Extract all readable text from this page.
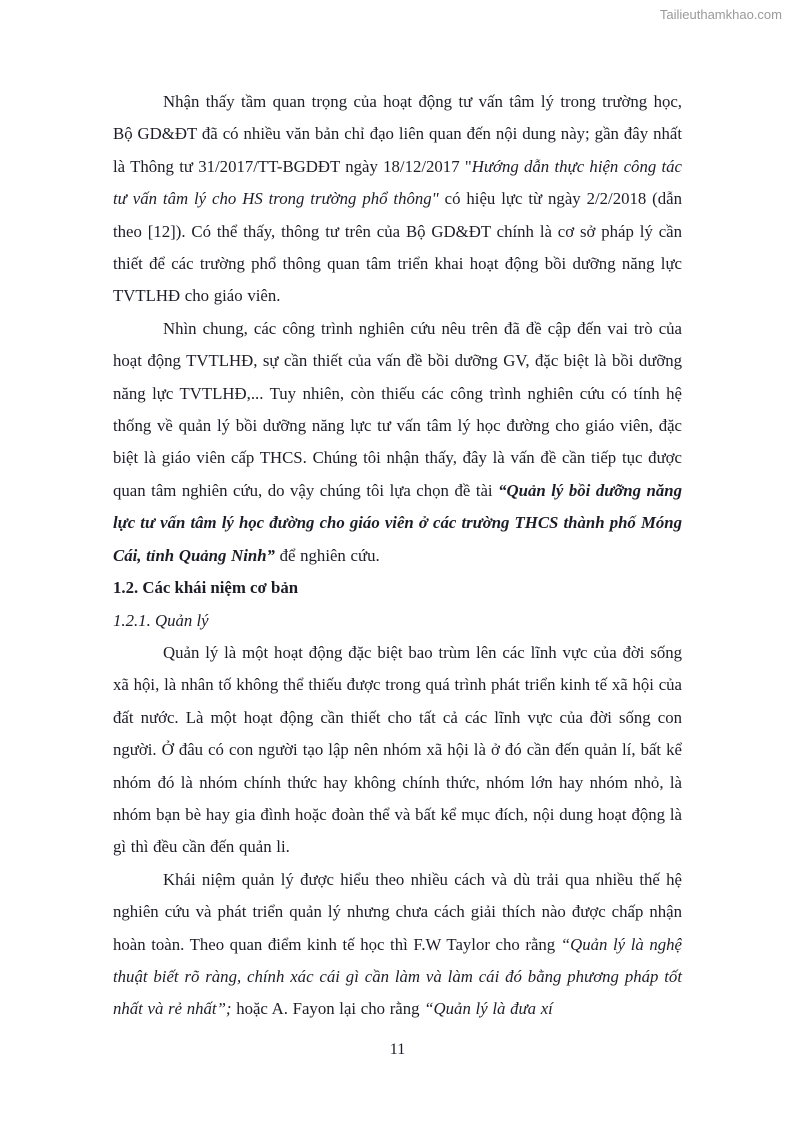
Tailieuthamkhao.com

Nhận thấy tầm quan trọng của hoạt động tư vấn tâm lý trong trường học, Bộ GD&ĐT đã có nhiều văn bản chỉ đạo liên quan đến nội dung này; gần đây nhất là Thông tư 31/2017/TT-BGDĐT ngày 18/12/2017 "Hướng dẫn thực hiện công tác tư vấn tâm lý cho HS trong trường phổ thông" có hiệu lực từ ngày 2/2/2018 (dẫn theo [12]). Có thể thấy, thông tư trên của Bộ GD&ĐT chính là cơ sở pháp lý cần thiết để các trường phổ thông quan tâm triển khai hoạt động bồi dưỡng năng lực TVTLHĐ cho giáo viên.

Nhìn chung, các công trình nghiên cứu nêu trên đã đề cập đến vai trò của hoạt động TVTLHĐ, sự cần thiết của vấn đề bồi dưỡng GV, đặc biệt là bồi dưỡng năng lực TVTLHĐ,... Tuy nhiên, còn thiếu các công trình nghiên cứu có tính hệ thống về quản lý bồi dưỡng năng lực tư vấn tâm lý học đường cho giáo viên, đặc biệt là giáo viên cấp THCS. Chúng tôi nhận thấy, đây là vấn đề cần tiếp tục được quan tâm nghiên cứu, do vậy chúng tôi lựa chọn đề tài “Quản lý bồi dưỡng năng lực tư vấn tâm lý học đường cho giáo viên ở các trường THCS thành phố Móng Cái, tỉnh Quảng Ninh” để nghiên cứu.

1.2. Các khái niệm cơ bản
1.2.1. Quản lý

Quản lý là một hoạt động đặc biệt bao trùm lên các lĩnh vực của đời sống xã hội, là nhân tố không thể thiếu được trong quá trình phát triển kinh tế xã hội của đất nước. Là một hoạt động cần thiết cho tất cả các lĩnh vực của đời sống con người. Ở đâu có con người tạo lập nên nhóm xã hội là ở đó cần đến quản lí, bất kể nhóm đó là nhóm chính thức hay không chính thức, nhóm lớn hay nhóm nhỏ, là nhóm bạn bè hay gia đình hoặc đoàn thể và bất kể mục đích, nội dung hoạt động là gì thì đều cần đến quản li.

Khái niệm quản lý được hiểu theo nhiều cách và dù trải qua nhiều thế hệ nghiên cứu và phát triển quản lý nhưng chưa cách giải thích nào được chấp nhận hoàn toàn. Theo quan điểm kinh tế học thì F.W Taylor cho rằng “Quản lý là nghệ thuật biết rõ ràng, chính xác cái gì cần làm và làm cái đó bằng phương pháp tốt nhất và rẻ nhất”; hoặc A. Fayon lại cho rằng “Quản lý là đưa xí

11
